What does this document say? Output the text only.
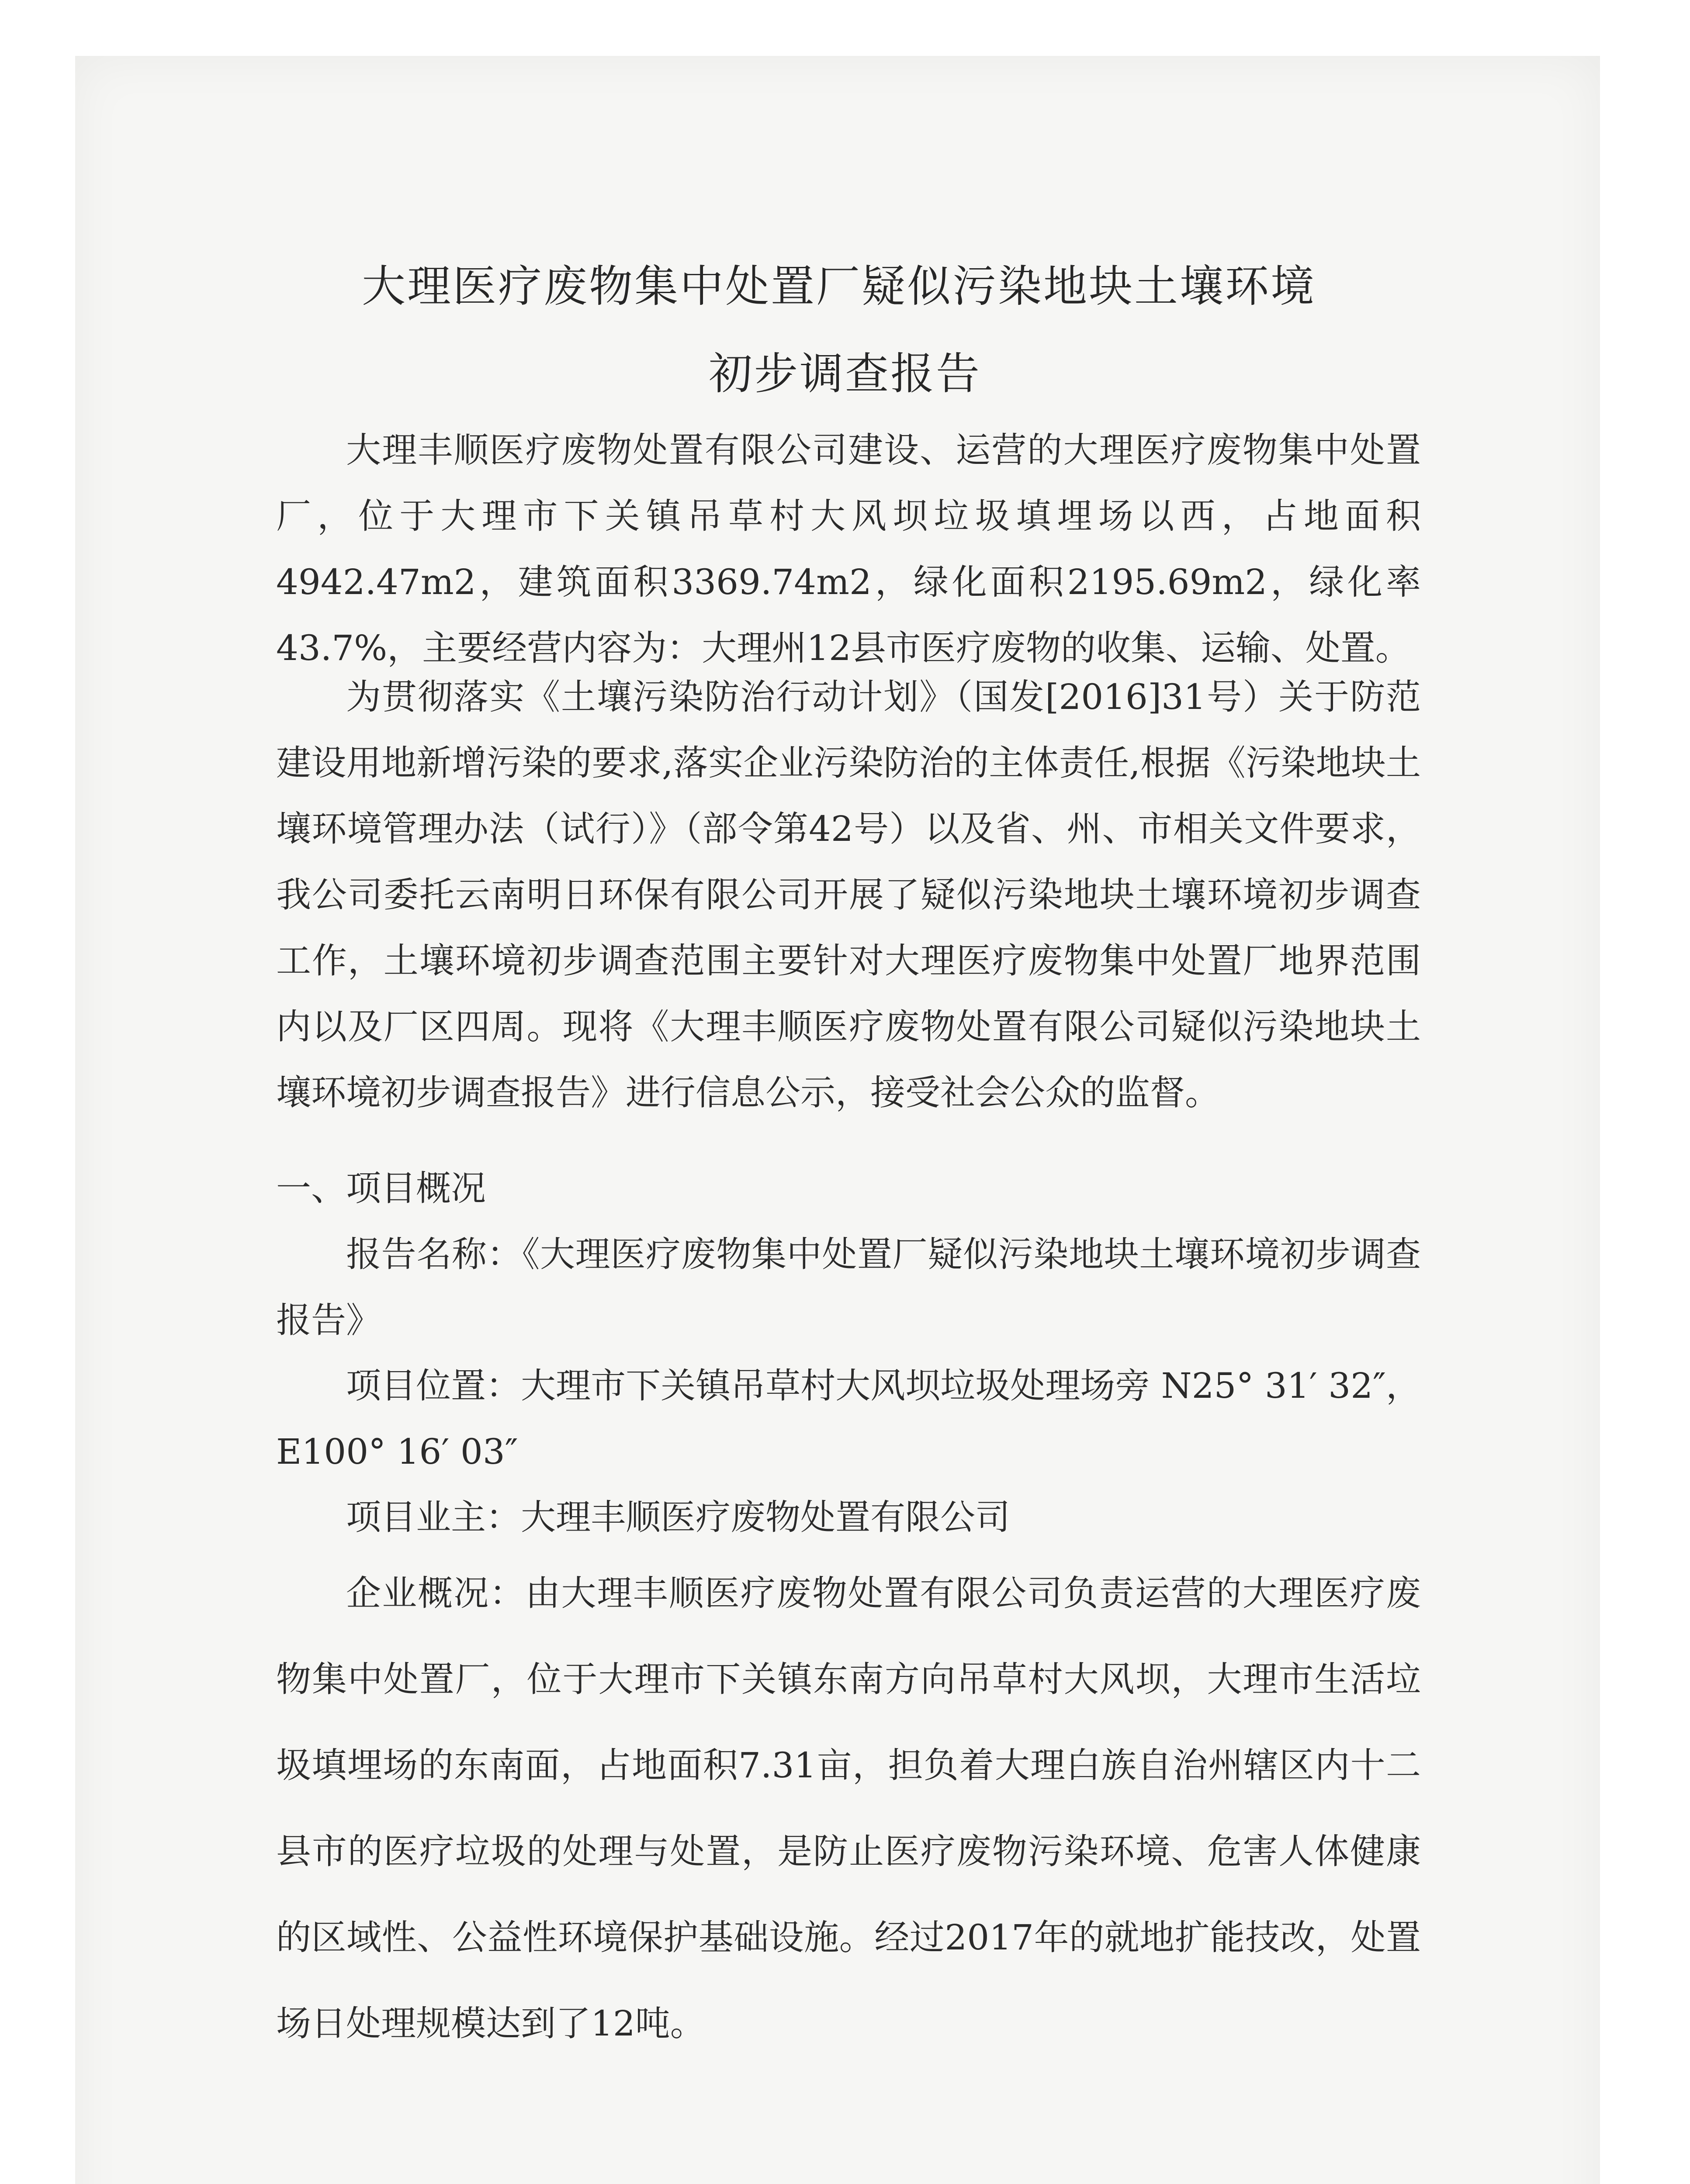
大理医疗废物集中处置厂疑似污染地块土壤环境
初步调查报告

大理丰顺医疗废物处置有限公司建设、运营的大理医疗废物集中处置厂，位于大理市下关镇吊草村大风坝垃圾填埋场以西，占地面积4942.47m2，建筑面积3369.74m2，绿化面积2195.69m2，绿化率43.7%，主要经营内容为：大理州12县市医疗废物的收集、运输、处置。

为贯彻落实《土壤污染防治行动计划》（国发[2016]31号）关于防范建设用地新增污染的要求,落实企业污染防治的主体责任,根据《污染地块土壤环境管理办法（试行）》（部令第42号）以及省、州、市相关文件要求，我公司委托云南明日环保有限公司开展了疑似污染地块土壤环境初步调查工作，土壤环境初步调查范围主要针对大理医疗废物集中处置厂地界范围内以及厂区四周。现将《大理丰顺医疗废物处置有限公司疑似污染地块土壤环境初步调查报告》进行信息公示，接受社会公众的监督。

一、项目概况

报告名称：《大理医疗废物集中处置厂疑似污染地块土壤环境初步调查报告》

项目位置：大理市下关镇吊草村大风坝垃圾处理场旁 N25° 31′ 32″，E100° 16′ 03″

项目业主：大理丰顺医疗废物处置有限公司

企业概况：由大理丰顺医疗废物处置有限公司负责运营的大理医疗废物集中处置厂，位于大理市下关镇东南方向吊草村大风坝，大理市生活垃圾填埋场的东南面，占地面积7.31亩，担负着大理白族自治州辖区内十二县市的医疗垃圾的处理与处置，是防止医疗废物污染环境、危害人体健康的区域性、公益性环境保护基础设施。经过2017年的就地扩能技改，处置场日处理规模达到了12吨。
